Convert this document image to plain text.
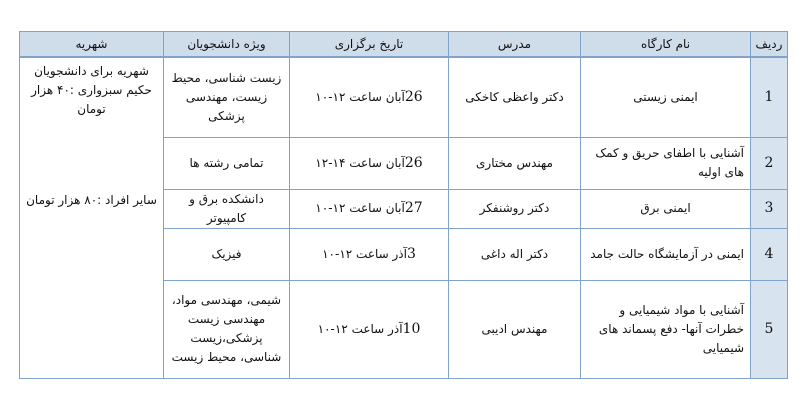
ردیف	نام کارگاه	مدرس	تاریخ برگزاری	ویژه دانشجویان	شهریه
1	ایمنی زیستی	دکتر واعظی کاخکی	26آبان ساعت ۱۲-۱۰	زیست شناسی، محیط زیست، مهندسی پزشکی	شهریه برای دانشجویان حکیم سبزواری :۴۰ هزار تومان
سایر افراد :۸۰ هزار تومان

2	آشنایی با اطفای حریق و کمک های اولیه	مهندس مختاری	26آبان ساعت ۱۴-۱۲	تمامی رشته ها	
3	ایمنی برق	دکتر روشنفکر	27آبان ساعت ۱۲-۱۰	دانشکده برق و کامپیوتر	
4	ایمنی در آزمایشگاه حالت جامد	دکتر اله داغی	3آذر ساعت ۱۲-۱۰	فیزیک	
5	آشنایی با مواد شیمیایی و خطرات آنها- دفع پسماند های شیمیایی	مهندس ادیبی	10آذر ساعت ۱۲-۱۰	شیمی، مهندسی مواد، مهندسی زیست پزشکی،زیست شناسی، محیط زیست	
